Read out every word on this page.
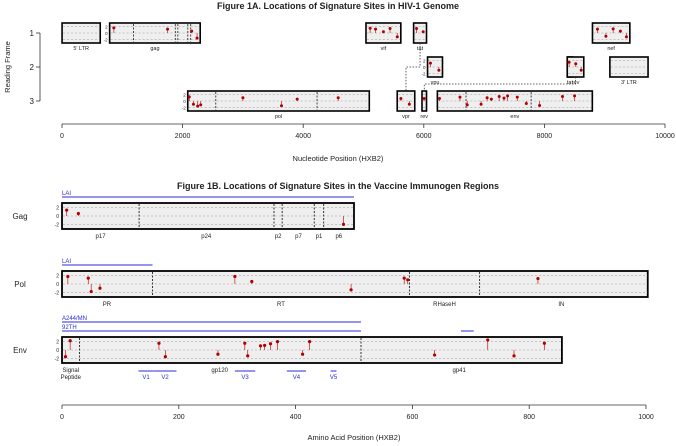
Figure 1A. Locations of Signature Sites in HIV-1 Genome
1
2
3
Reading Frame
0	2000	4000	6000	8000	10000
Nucleotide Position (HXB2)
5' LTR	gag	vif	tat	nef
tat
vpu	rev	3' LTR
pol	vpr rev	env
2
0
-2
2
0
-2
2
0
-2
Figure 1B. Locations of Signature Sites in the Vaccine Immunogen Regions
LAI
Gag
2
0
-2
p17	p24	p2 p7 p1 p6
LAI
Pol
2
0
-2
PR	RT	RHaseH	IN
A244/MN
92TH
Env
2
0
-2
Signal
Peptide
gp120	gp41
V1 V2	V3	V4	V5
0	200	400	600	800	1000
Amino Acid Position (HXB2)
